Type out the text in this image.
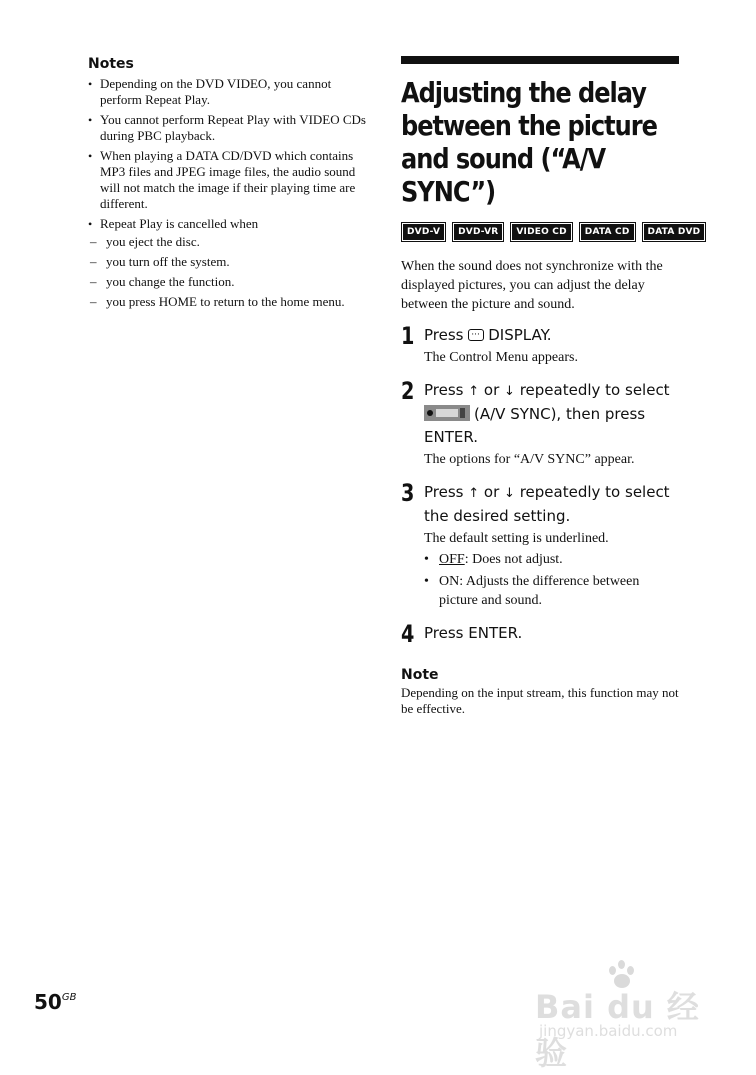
Notes
• Depending on the DVD VIDEO, you cannot perform Repeat Play.
• You cannot perform Repeat Play with VIDEO CDs during PBC playback.
• When playing a DATA CD/DVD which contains MP3 files and JPEG image files, the audio sound will not match the image if their playing time are different.
• Repeat Play is cancelled when
– you eject the disc.
– you turn off the system.
– you change the function.
– you press HOME to return to the home menu.
Adjusting the delay
between the picture
and sound (“A/V SYNC”)
DVD-V	DVD-VR	VIDEO CD	DATA CD	DATA DVD

When the sound does not synchronize with the displayed pictures, you can adjust the delay between the picture and sound.

1 Press ···DISPLAY.
The Control Menu appears.
2 Press ↑ or ↓ repeatedly to select

(A/V SYNC), then press ENTER.
The options for “A/V SYNC” appear.
3 Press ↑ or ↓ repeatedly to select the desired setting.
The default setting is underlined.
• OFF: Does not adjust.
• ON: Adjusts the difference between picture and sound.
4 Press ENTER.
Note

Depending on the input stream, this function may not be effective.

$50^{GB}$	Bai du 经验
jingyan.baidu.com
